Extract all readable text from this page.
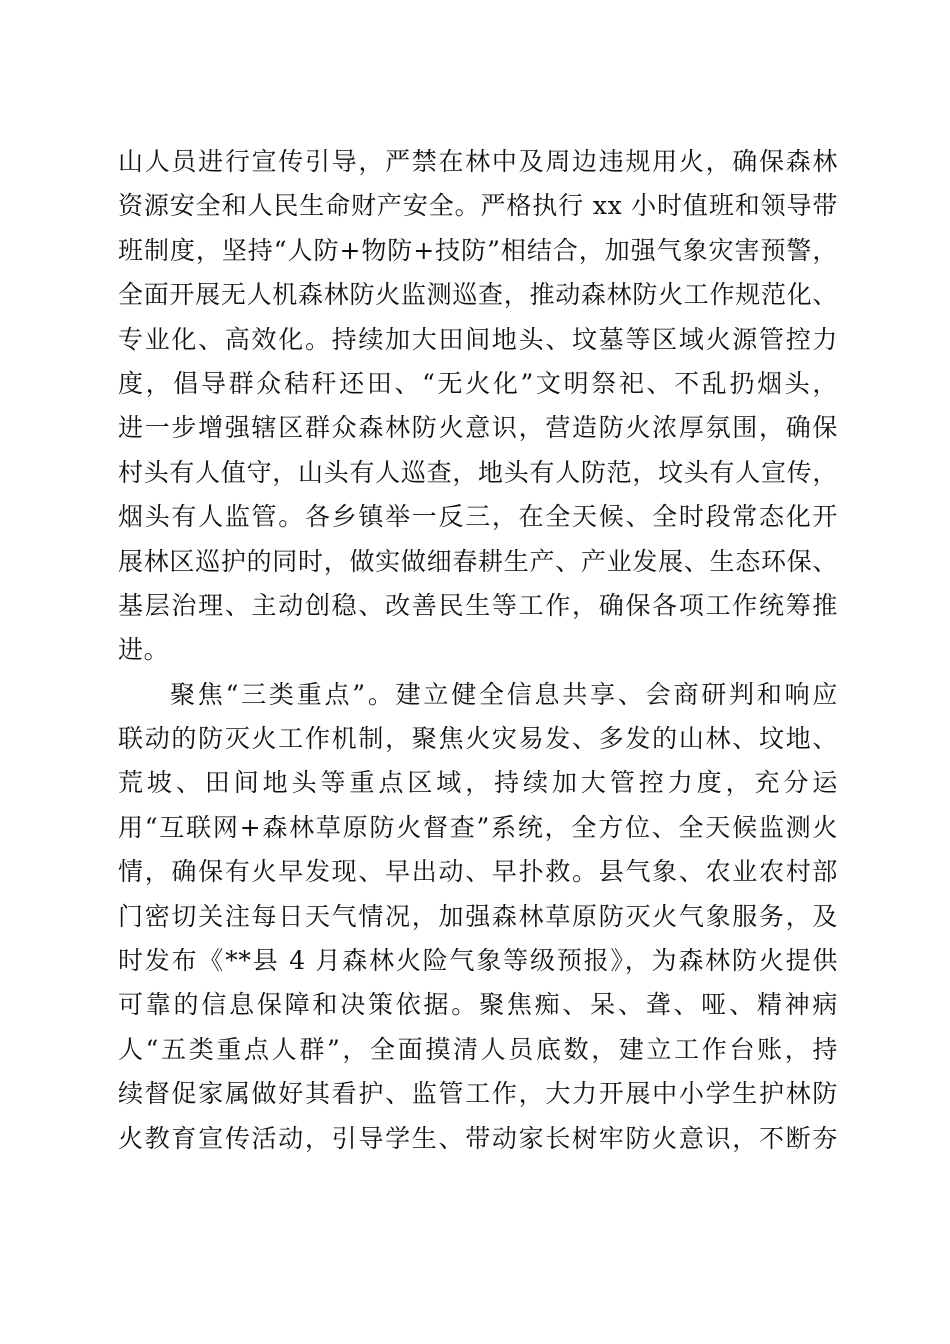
山人员进行宣传引导，严禁在林中及周边违规用火，确保森林
资源安全和人民生命财产安全。严格执行 xx 小时值班和领导带
班制度，坚持“人防+物防+技防”相结合，加强气象灾害预警，
全面开展无人机森林防火监测巡查，推动森林防火工作规范化、
专业化、高效化。持续加大田间地头、坟墓等区域火源管控力
度，倡导群众秸秆还田、“无火化”文明祭祀、不乱扔烟头，
进一步增强辖区群众森林防火意识，营造防火浓厚氛围，确保
村头有人值守，山头有人巡查，地头有人防范，坟头有人宣传，
烟头有人监管。各乡镇举一反三，在全天候、全时段常态化开
展林区巡护的同时，做实做细春耕生产、产业发展、生态环保、
基层治理、主动创稳、改善民生等工作，确保各项工作统筹推
进。
聚焦“三类重点”。建立健全信息共享、会商研判和响应
联动的防灭火工作机制，聚焦火灾易发、多发的山林、坟地、
荒坡、田间地头等重点区域，持续加大管控力度，充分运
用“互联网+森林草原防火督查”系统，全方位、全天候监测火
情，确保有火早发现、早出动、早扑救。县气象、农业农村部
门密切关注每日天气情况，加强森林草原防灭火气象服务，及
时发布《**县 4 月森林火险气象等级预报》，为森林防火提供
可靠的信息保障和决策依据。聚焦痴、呆、聋、哑、精神病
人“五类重点人群”，全面摸清人员底数，建立工作台账，持
续督促家属做好其看护、监管工作，大力开展中小学生护林防
火教育宣传活动，引导学生、带动家长树牢防火意识，不断夯
